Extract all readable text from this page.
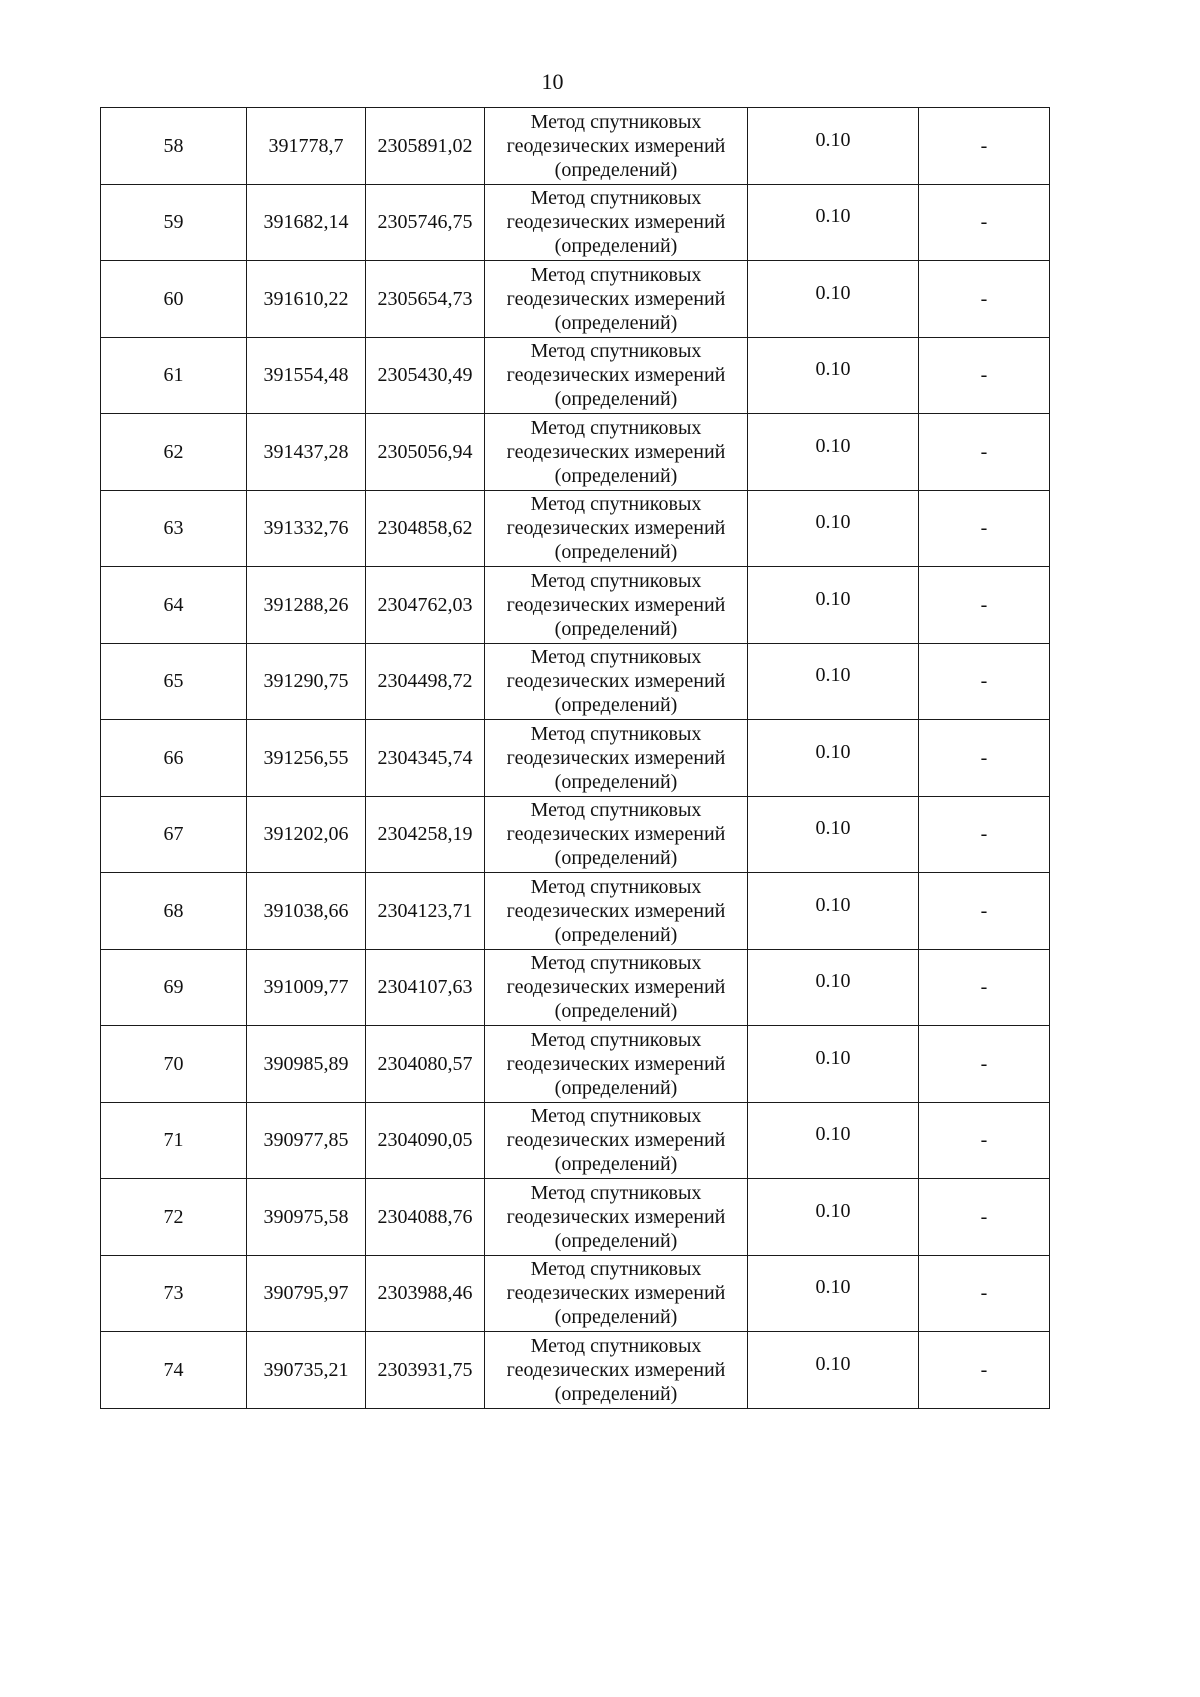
10
58	391778,7	2305891,02	Метод спутниковых геодезических измерений (определений)	0.10	-
59	391682,14	2305746,75	Метод спутниковых геодезических измерений (определений)	0.10	-
60	391610,22	2305654,73	Метод спутниковых геодезических измерений (определений)	0.10	-
61	391554,48	2305430,49	Метод спутниковых геодезических измерений (определений)	0.10	-
62	391437,28	2305056,94	Метод спутниковых геодезических измерений (определений)	0.10	-
63	391332,76	2304858,62	Метод спутниковых геодезических измерений (определений)	0.10	-
64	391288,26	2304762,03	Метод спутниковых геодезических измерений (определений)	0.10	-
65	391290,75	2304498,72	Метод спутниковых геодезических измерений (определений)	0.10	-
66	391256,55	2304345,74	Метод спутниковых геодезических измерений (определений)	0.10	-
67	391202,06	2304258,19	Метод спутниковых геодезических измерений (определений)	0.10	-
68	391038,66	2304123,71	Метод спутниковых геодезических измерений (определений)	0.10	-
69	391009,77	2304107,63	Метод спутниковых геодезических измерений (определений)	0.10	-
70	390985,89	2304080,57	Метод спутниковых геодезических измерений (определений)	0.10	-
71	390977,85	2304090,05	Метод спутниковых геодезических измерений (определений)	0.10	-
72	390975,58	2304088,76	Метод спутниковых геодезических измерений (определений)	0.10	-
73	390795,97	2303988,46	Метод спутниковых геодезических измерений (определений)	0.10	-
74	390735,21	2303931,75	Метод спутниковых геодезических измерений (определений)	0.10	-
